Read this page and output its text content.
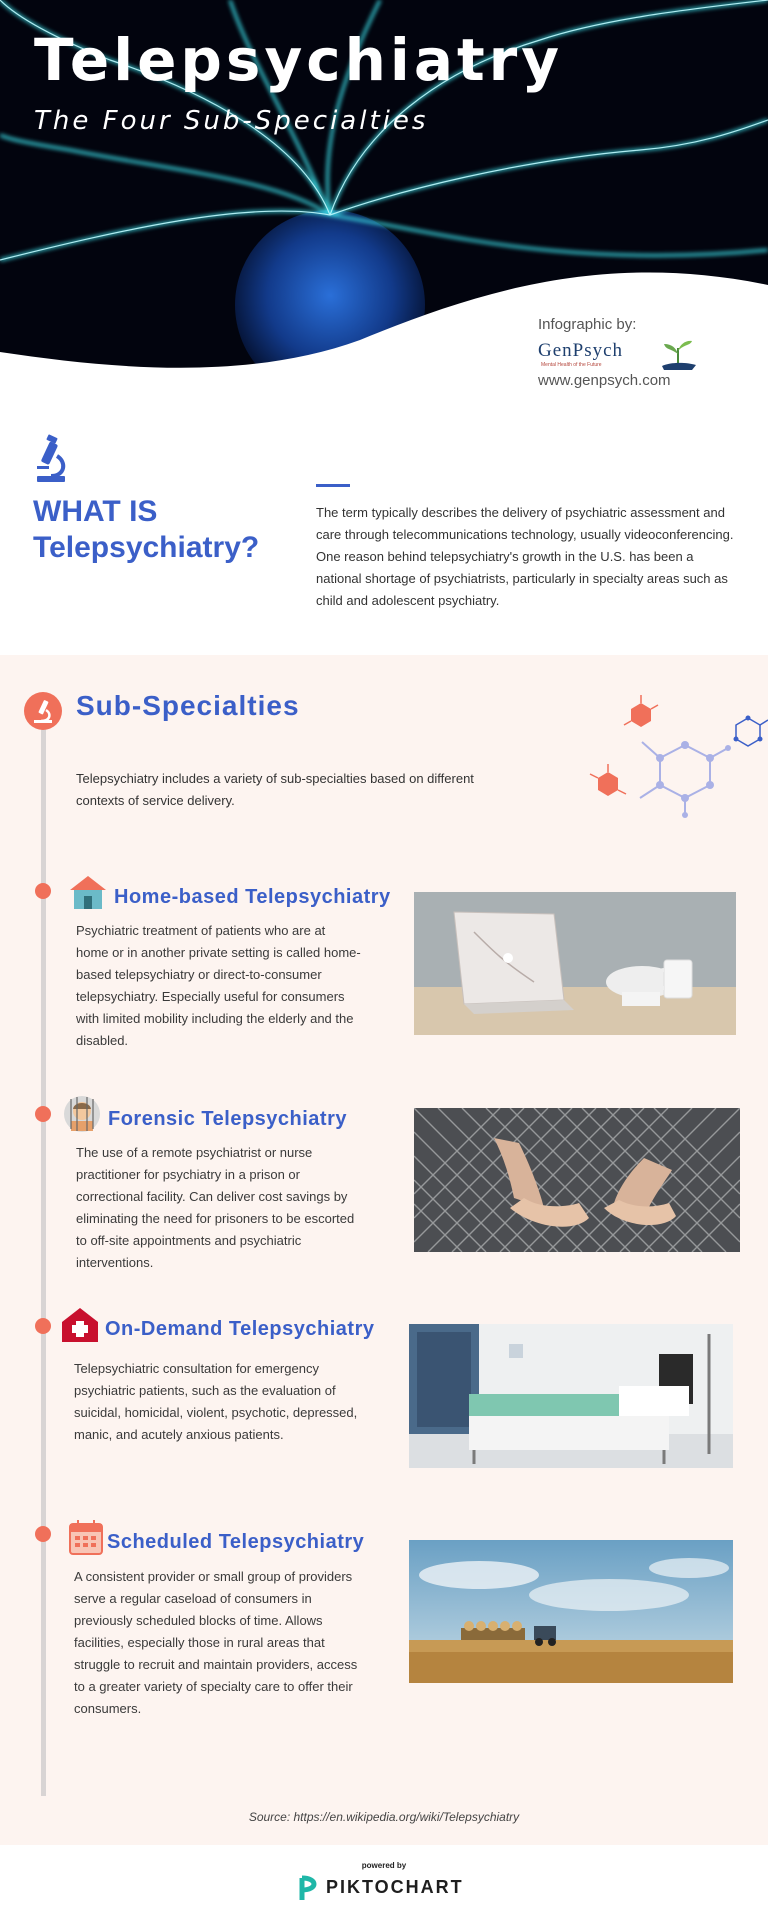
Telepsychiatry
The Four Sub-Specialties
Infographic by:
GenPsych
Mental Health of the Future
www.genpsych.com
WHAT IS
Telepsychiatry?
The term typically describes the delivery of psychiatric assessment and care through telecommunications technology, usually videoconferencing. One reason behind telepsychiatry's growth in the U.S. has been a national shortage of psychiatrists, particularly in specialty areas such as child and adolescent psychiatry.
Sub-Specialties
Telepsychiatry includes a variety of sub-specialties based on different contexts of service delivery.
Home-based Telepsychiatry
Psychiatric treatment of patients who are at home or in another private setting is called home-based telepsychiatry or direct-to-consumer telepsychiatry. Especially useful for consumers with limited mobility including the elderly and the disabled.
Forensic Telepsychiatry
The use of a remote psychiatrist or nurse practitioner for psychiatry in a prison or correctional facility. Can deliver cost savings by eliminating the need for prisoners to be escorted to off-site appointments and psychiatric interventions.
On-Demand Telepsychiatry
Telepsychiatric consultation for emergency psychiatric patients, such as the evaluation of suicidal, homicidal, violent, psychotic, depressed, manic, and acutely anxious patients.
Scheduled Telepsychiatry
A consistent provider or small group of providers serve a regular caseload of consumers in previously scheduled blocks of time. Allows facilities, especially those in rural areas that struggle to recruit and maintain providers, access to a greater variety of specialty care to offer their consumers.
Source: https://en.wikipedia.org/wiki/Telepsychiatry
powered by
PIKTOCHART
